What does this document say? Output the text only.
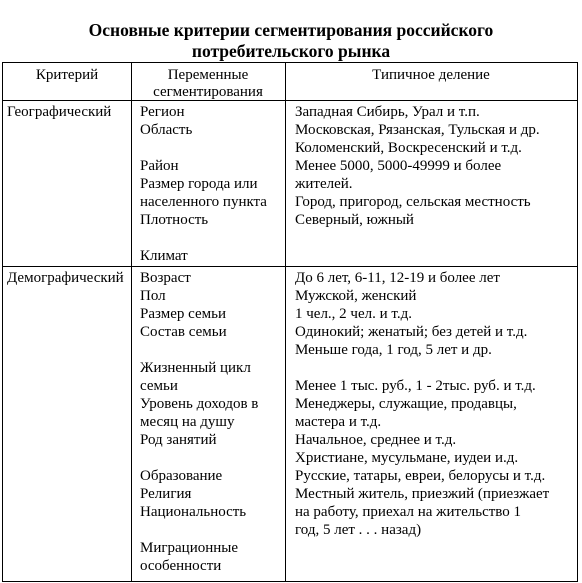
Основные критерии сегментирования российского
потребительского рынка
Критерий	Переменные
сегментирования
Типичное деление
Географический Регион
Область

Район
Размер города или
населенного пункта
Плотность

Климат
Западная Сибирь, Урал и т.п.
Московская, Рязанская, Тульская и др.
Коломенский, Воскресенский и т.д.
Менее 5000, 5000-49999 и более
жителей.
Город, пригород, сельская местность
Северный, южный
Демографический Возраст
Пол
Размер семьи
Состав семьи

Жизненный цикл
семьи
Уровень доходов в
месяц на душу
Род занятий

Образование
Религия
Национальность

Миграционные
особенности
До 6 лет, 6-11, 12-19 и более лет
Мужской, женский
1 чел., 2 чел. и т.д.
Одинокий; женатый; без детей и т.д.
Меньше года, 1 год, 5 лет и др.

Менее 1 тыс. руб., 1 - 2тыс. руб. и т.д.
Менеджеры, служащие, продавцы,
мастера и т.д.
Начальное, среднее и т.д.
Христиане, мусульмане, иудеи и.д.
Русские, татары, евреи, белорусы и т.д.
Местный житель, приезжий (приезжает
на работу, приехал на жительство 1
год, 5 лет . . . назад)
